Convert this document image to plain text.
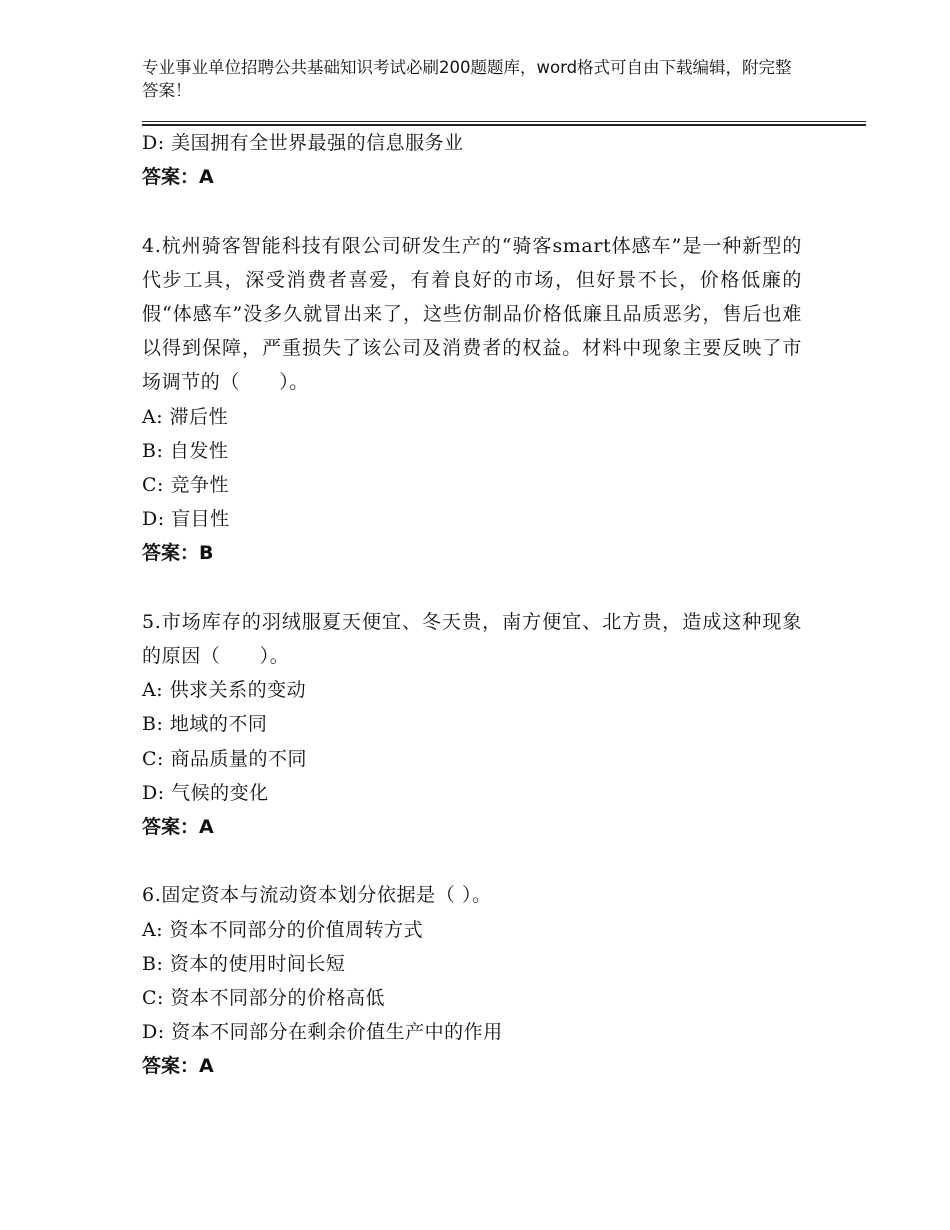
专业事业单位招聘公共基础知识考试必刷200题题库，word格式可自由下载编辑，附完整答案！
D: 美国拥有全世界最强的信息服务业
答案：A
4.杭州骑客智能科技有限公司研发生产的“骑客smart体感车”是一种新型的代步工具，深受消费者喜爱，有着良好的市场，但好景不长，价格低廉的假“体感车”没多久就冒出来了，这些仿制品价格低廉且品质恶劣，售后也难以得到保障，严重损失了该公司及消费者的权益。材料中现象主要反映了市场调节的（　　）。
A: 滞后性
B: 自发性
C: 竞争性
D: 盲目性
答案：B
5.市场库存的羽绒服夏天便宜、冬天贵，南方便宜、北方贵，造成这种现象的原因（　　）。
A: 供求关系的变动
B: 地域的不同
C: 商品质量的不同
D: 气候的变化
答案：A
6.固定资本与流动资本划分依据是（ ）。
A: 资本不同部分的价值周转方式
B: 资本的使用时间长短
C: 资本不同部分的价格高低
D: 资本不同部分在剩余价值生产中的作用
答案：A
